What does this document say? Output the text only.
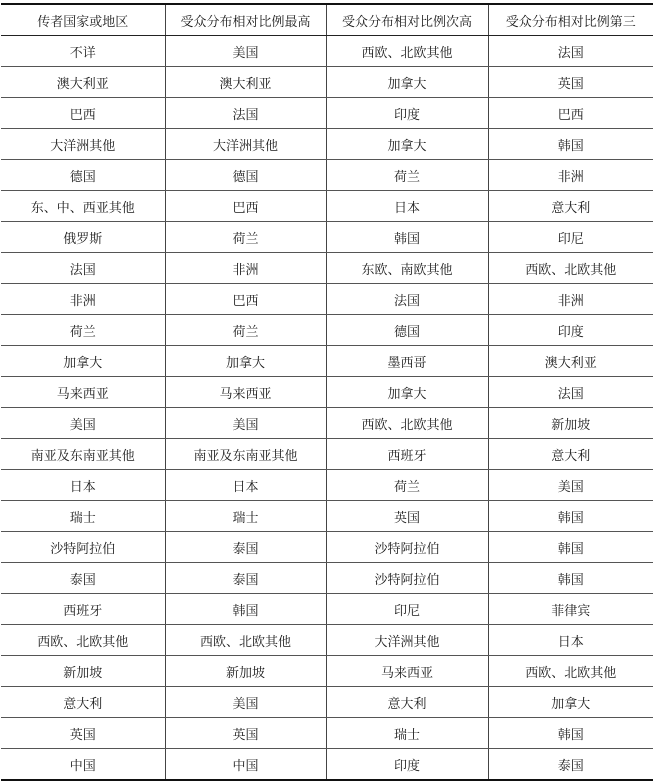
传者国家或地区	受众分布相对比例最高	受众分布相对比例次高	受众分布相对比例第三
不详	美国	西欧、北欧其他	法国
澳大利亚	澳大利亚	加拿大	英国
巴西	法国	印度	巴西
大洋洲其他	大洋洲其他	加拿大	韩国
德国	德国	荷兰	非洲
东、中、西亚其他	巴西	日本	意大利
俄罗斯	荷兰	韩国	印尼
法国	非洲	东欧、南欧其他	西欧、北欧其他
非洲	巴西	法国	非洲
荷兰	荷兰	德国	印度
加拿大	加拿大	墨西哥	澳大利亚
马来西亚	马来西亚	加拿大	法国
美国	美国	西欧、北欧其他	新加坡
南亚及东南亚其他	南亚及东南亚其他	西班牙	意大利
日本	日本	荷兰	美国
瑞士	瑞士	英国	韩国
沙特阿拉伯	泰国	沙特阿拉伯	韩国
泰国	泰国	沙特阿拉伯	韩国
西班牙	韩国	印尼	菲律宾
西欧、北欧其他	西欧、北欧其他	大洋洲其他	日本
新加坡	新加坡	马来西亚	西欧、北欧其他
意大利	美国	意大利	加拿大
英国	英国	瑞士	韩国
中国	中国	印度	泰国
